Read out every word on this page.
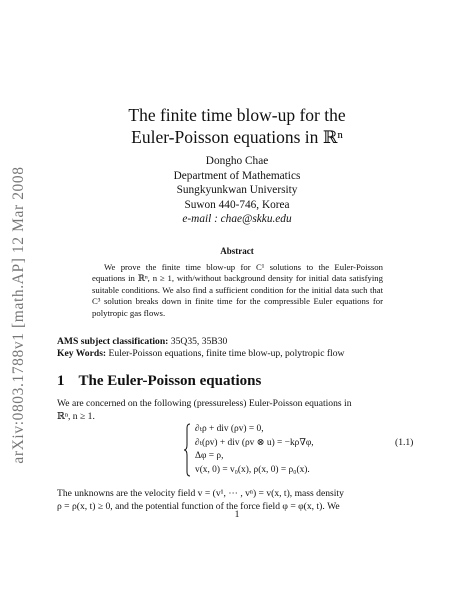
arXiv:0803.1788v1 [math.AP] 12 Mar 2008
The finite time blow-up for the
Euler-Poisson equations in ℝⁿ
Dongho Chae
Department of Mathematics
Sungkyunkwan University
Suwon 440-746, Korea
e-mail : chae@skku.edu
Abstract
We prove the finite time blow-up for C¹ solutions to the Euler-Poisson equations in ℝⁿ, n ≥ 1, with/without background density for initial data satisfying suitable conditions. We also find a sufficient condition for the initial data such that C³ solution breaks down in finite time for the compressible Euler equations for polytropic gas flows.
AMS subject classification: 35Q35, 35B30
Key Words: Euler-Poisson equations, finite time blow-up, polytropic flow
1 The Euler-Poisson equations
We are concerned on the following (pressureless) Euler-Poisson equations in
ℝⁿ, n ≥ 1.
∂ₜρ + div (ρv) = 0,
∂ₜ(ρv) + div (ρv ⊗ u) = −kρ∇φ,
Δφ = ρ,
v(x, 0) = v₀(x), ρ(x, 0) = ρ₀(x).
(1.1)
The unknowns are the velocity field v = (v¹, ⋯ , vⁿ) = v(x, t), mass density
ρ = ρ(x, t) ≥ 0, and the potential function of the force field φ = φ(x, t). We
1
